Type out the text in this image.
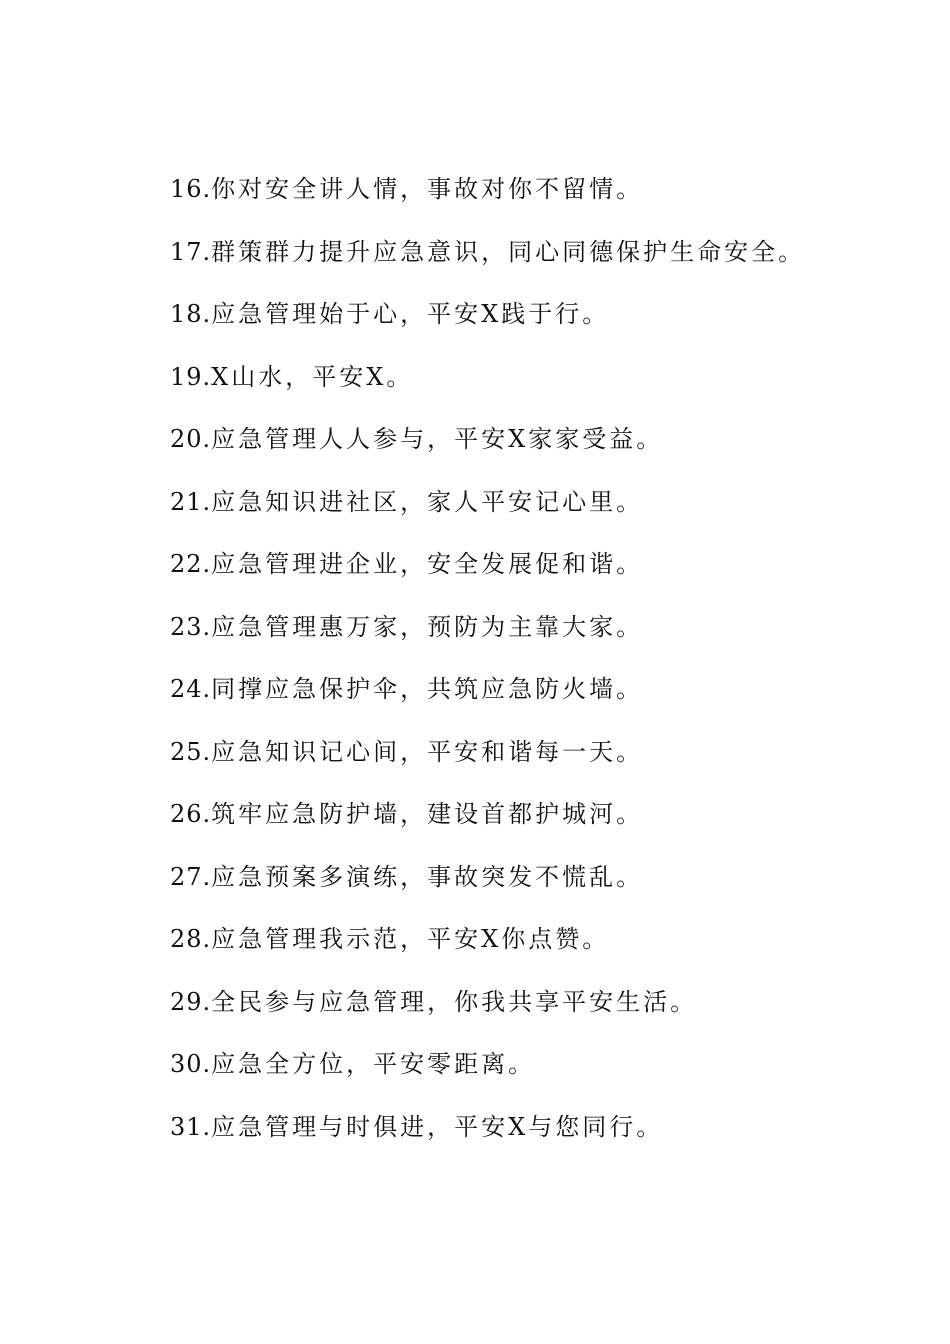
16.你对安全讲人情，事故对你不留情。
17.群策群力提升应急意识，同心同德保护生命安全。
18.应急管理始于心，平安X践于行。
19.X山水，平安X。
20.应急管理人人参与，平安X家家受益。
21.应急知识进社区，家人平安记心里。
22.应急管理进企业，安全发展促和谐。
23.应急管理惠万家，预防为主靠大家。
24.同撑应急保护伞，共筑应急防火墙。
25.应急知识记心间，平安和谐每一天。
26.筑牢应急防护墙，建设首都护城河。
27.应急预案多演练，事故突发不慌乱。
28.应急管理我示范，平安X你点赞。
29.全民参与应急管理，你我共享平安生活。
30.应急全方位，平安零距离。
31.应急管理与时俱进，平安X与您同行。
